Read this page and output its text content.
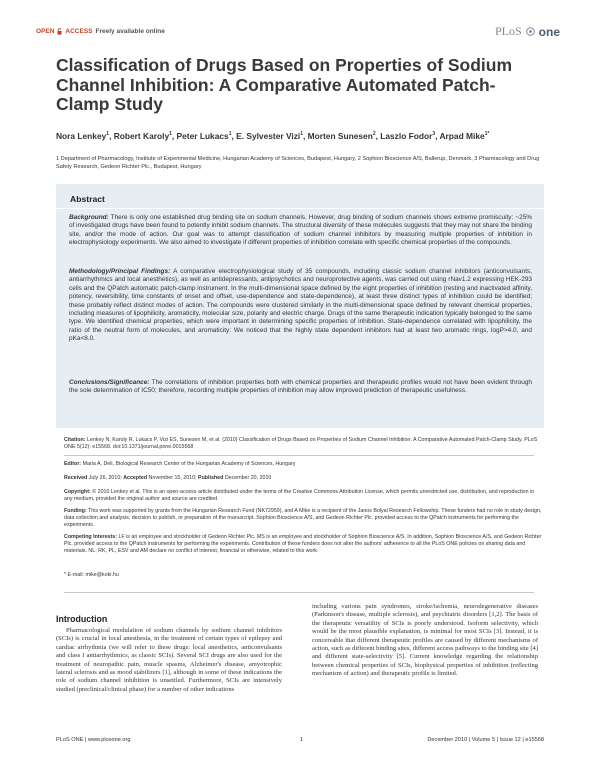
OPEN ACCESS Freely available online	PLoS one
Classification of Drugs Based on Properties of Sodium Channel Inhibition: A Comparative Automated Patch-Clamp Study
Nora Lenkey$^1$, Robert Karoly$^1$, Peter Lukacs$^1$, E. Sylvester Vizi$^1$, Morten Sunesen$^2$, Laszlo Fodor$^3$, Arpad Mike$^{1*}$
1 Department of Pharmacology, Institute of Experimental Medicine, Hungarian Academy of Sciences, Budapest, Hungary, 2 Sophion Bioscience A/S, Ballerup, Denmark, 3 Pharmacology and Drug Safety Research, Gedeon Richter Plc., Budapest, Hungary
Abstract

Background: There is only one established drug binding site on sodium channels. However, drug binding of sodium channels shows extreme promiscuity: ~25% of investigated drugs have been found to potently inhibit sodium channels. The structural diversity of these molecules suggests that they may not share the binding site, and/or the mode of action. Our goal was to attempt classification of sodium channel inhibitors by measuring multiple properties of inhibition in electrophysiology experiments. We also aimed to investigate if different properties of inhibition correlate with specific chemical properties of the compounds.

Methodology/Principal Findings: A comparative electrophysiological study of 35 compounds, including classic sodium channel inhibitors (anticonvulsants, antiarrhythmics and local anesthetics), as well as antidepressants, antipsychotics and neuroprotective agents, was carried out using rNav1.2 expressing HEK-293 cells and the QPatch automatic patch-clamp instrument. In the multi-dimensional space defined by the eight properties of inhibition (resting and inactivated affinity, potency, reversibility, time constants of onset and offset, use-dependence and state-dependence), at least three distinct types of inhibition could be identified; these probably reflect distinct modes of action. The compounds were clustered similarly in the multi-dimensional space defined by relevant chemical properties, including measures of lipophilicity, aromaticity, molecular size, polarity and electric charge. Drugs of the same therapeutic indication typically belonged to the same type. We identified chemical properties, which were important in determining specific properties of inhibition. State-dependence correlated with lipophilicity, the ratio of the neutral form of molecules, and aromaticity: We noticed that the highly state dependent inhibitors had at least two aromatic rings, logP>4.0, and pKa<8.0.

Conclusions/Significance: The correlations of inhibition properties both with chemical properties and therapeutic profiles would not have been evident through the sole determination of IC50; therefore, recording multiple properties of inhibition may allow improved prediction of therapeutic usefulness.

Citation: Lenkey N, Karoly R, Lukacs P, Vizi ES, Sunesen M, et al. (2010) Classification of Drugs Based on Properties of Sodium Channel Inhibition: A Comparative Automated Patch-Clamp Study. PLoS ONE 5(12): e15568. doi:10.1371/journal.pone.0015568
Editor: Maria A. Deli, Biological Research Center of the Hungarian Academy of Sciences, Hungary
Received July 26, 2010; Accepted November 15, 2010; Published December 20, 2010
Copyright: © 2010 Lenkey et al. This is an open-access article distributed under the terms of the Creative Commons Attribution License, which permits unrestricted use, distribution, and reproduction in any medium, provided the original author and source are credited.
Funding: This work was supported by grants from the Hungarian Research Fund (NK72959), and A Mike is a recipient of the Janos Bolyai Research Fellowship. These funders had no role in study design, data collection and analysis, decision to publish, or preparation of the manuscript. Sophion Bioscience A/S, and Gedeon Richter Plc. provided access to the QPatch instruments for performing the experiments.
Competing Interests: LF is an employee and stockholder of Gedeon Richter Plc. MS is an employee and stockholder of Sophion Bioscience A/S. In addition, Sophion Bioscience A/S, and Gedeon Richter Plc. provided access to the QPatch instruments for performing the experiments. Contribution of these funders does not alter the authors' adherence to all the PLoS ONE policies on sharing data and materials. NL, RK, PL, ESV and AM declare no conflict of interest, financial or otherwise, related to this work.
* E-mail: mike@koki.hu
Introduction

Pharmacological modulation of sodium channels by sodium channel inhibitors (SCIs) is crucial in local anesthesia, in the treatment of certain types of epilepsy and cardiac arrhythmia (we will refer to these drugs: local anesthetics, anticonvulsants and class I antiarrhythmics, as classic SCIs). Several SCI drugs are also used for the treatment of neuropathic pain, muscle spasms, Alzheimer's disease, amyotrophic lateral sclerosis and as mood stabilizers [1], although in some of these indications the role of sodium channel inhibition is unsettled. Furthermore, SCIs are intensively studied (preclinical/clinical phase) for a number of other indications

including various pain syndromes, stroke/ischemia, neurodegenerative diseases (Parkinson's disease, multiple sclerosis), and psychiatric disorders [1,2]. The basis of the therapeutic versatility of SCIs is poorly understood. Isoform selectivity, which would be the most plausible explanation, is minimal for most SCIs [3]. Instead, it is conceivable that different therapeutic profiles are caused by different mechanisms of action, such as different binding sites, different access pathways to the binding site [4] and different state-selectivity [5]. Current knowledge regarding the relationship between chemical properties of SCIs, biophysical properties of inhibition (reflecting mechanism of action) and therapeutic profile is limited.

PLoS ONE | www.plosone.org	1	December 2010 | Volume 5 | Issue 12 | e15568
